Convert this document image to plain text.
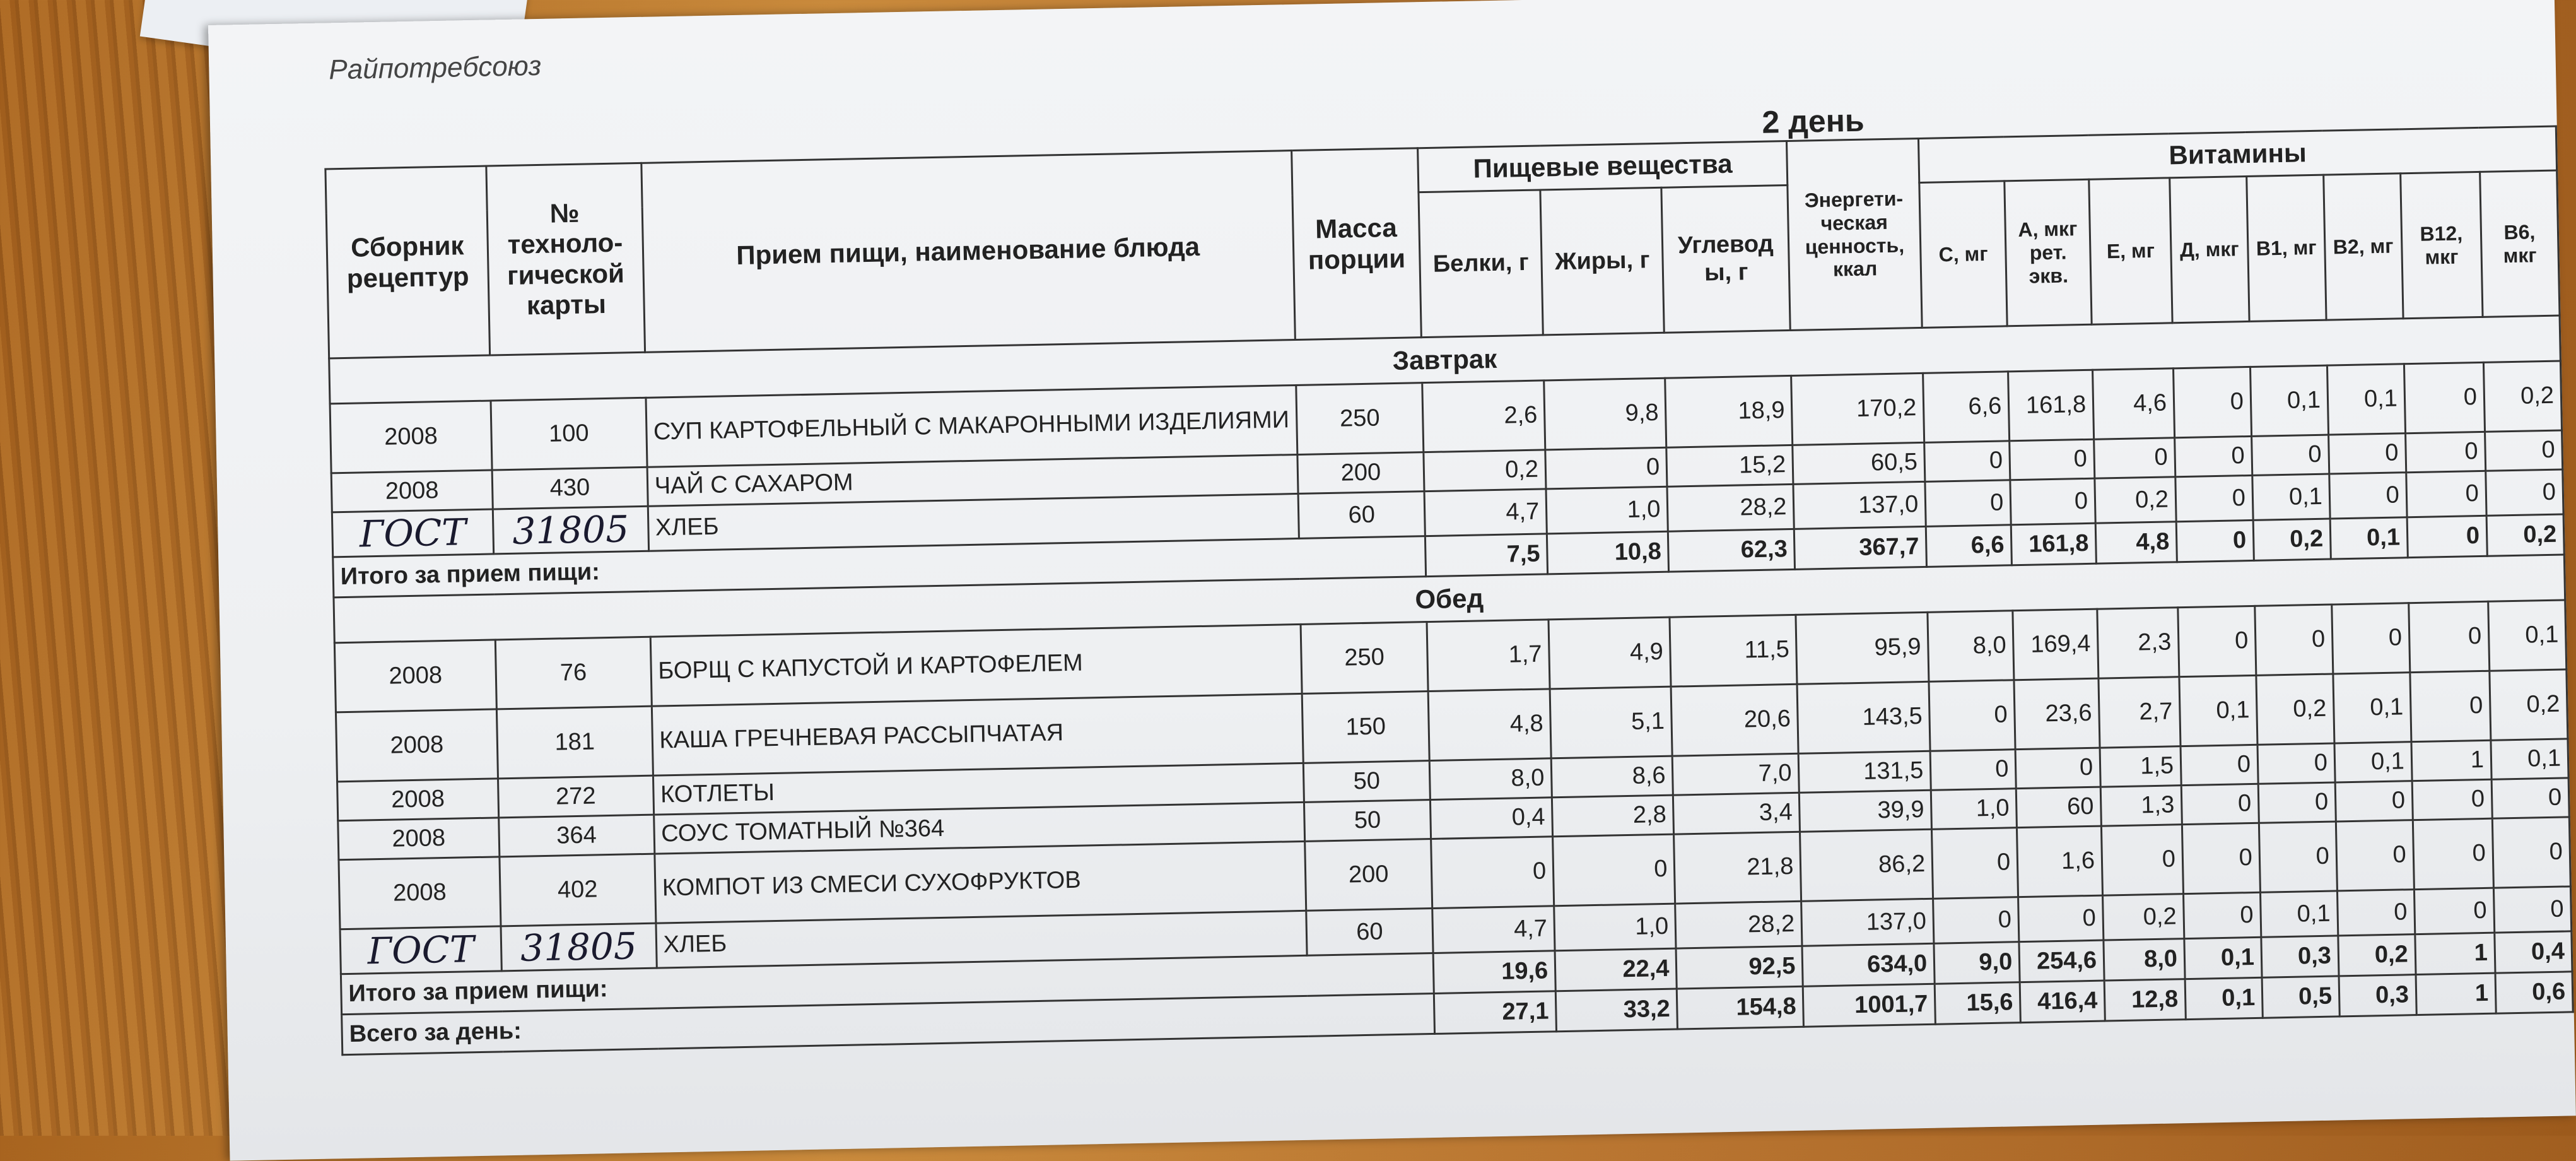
Райпотребсоюз
2 день
Сборник рецептур	№ техноло-гической карты	Прием пищи, наименование блюда	Масса порции	Пищевые вещества			Энергети-ческая ценность, ккал	Витамины							
				Белки, г	Жиры, г	Углевод ы, г		С, мг	А, мкг рет. экв.	Е, мг	Д, мкг	В1, мг	В2, мг	В12, мкг	В6, мкг
Завтрак															
2008	100	СУП КАРТОФЕЛЬНЫЙ С МАКАРОННЫМИ ИЗДЕЛИЯМИ	250	2,6	9,8	18,9	170,2	6,6	161,8	4,6	0	0,1	0,1	0	0,2
2008	430	ЧАЙ С САХАРОМ	200	0,2	0	15,2	60,5	0	0	0	0	0	0	0	0
ГОСТ	31805	ХЛЕБ	60	4,7	1,0	28,2	137,0	0	0	0,2	0	0,1	0	0	0
Итого за прием пищи:				7,5	10,8	62,3	367,7	6,6	161,8	4,8	0	0,2	0,1	0	0,2
Обед															
2008	76	БОРЩ С КАПУСТОЙ И КАРТОФЕЛЕМ	250	1,7	4,9	11,5	95,9	8,0	169,4	2,3	0	0	0	0	0,1
2008	181	КАША ГРЕЧНЕВАЯ РАССЫПЧАТАЯ	150	4,8	5,1	20,6	143,5	0	23,6	2,7	0,1	0,2	0,1	0	0,2
2008	272	КОТЛЕТЫ	50	8,0	8,6	7,0	131,5	0	0	1,5	0	0	0,1	1	0,1
2008	364	СОУС ТОМАТНЫЙ №364	50	0,4	2,8	3,4	39,9	1,0	60	1,3	0	0	0	0	0
2008	402	КОМПОТ ИЗ СМЕСИ СУХОФРУКТОВ	200	0	0	21,8	86,2	0	1,6	0	0	0	0	0	0
ГОСТ	31805	ХЛЕБ	60	4,7	1,0	28,2	137,0	0	0	0,2	0	0,1	0	0	0
Итого за прием пищи:				19,6	22,4	92,5	634,0	9,0	254,6	8,0	0,1	0,3	0,2	1	0,4
Всего за день:				27,1	33,2	154,8	1001,7	15,6	416,4	12,8	0,1	0,5	0,3	1	0,6
